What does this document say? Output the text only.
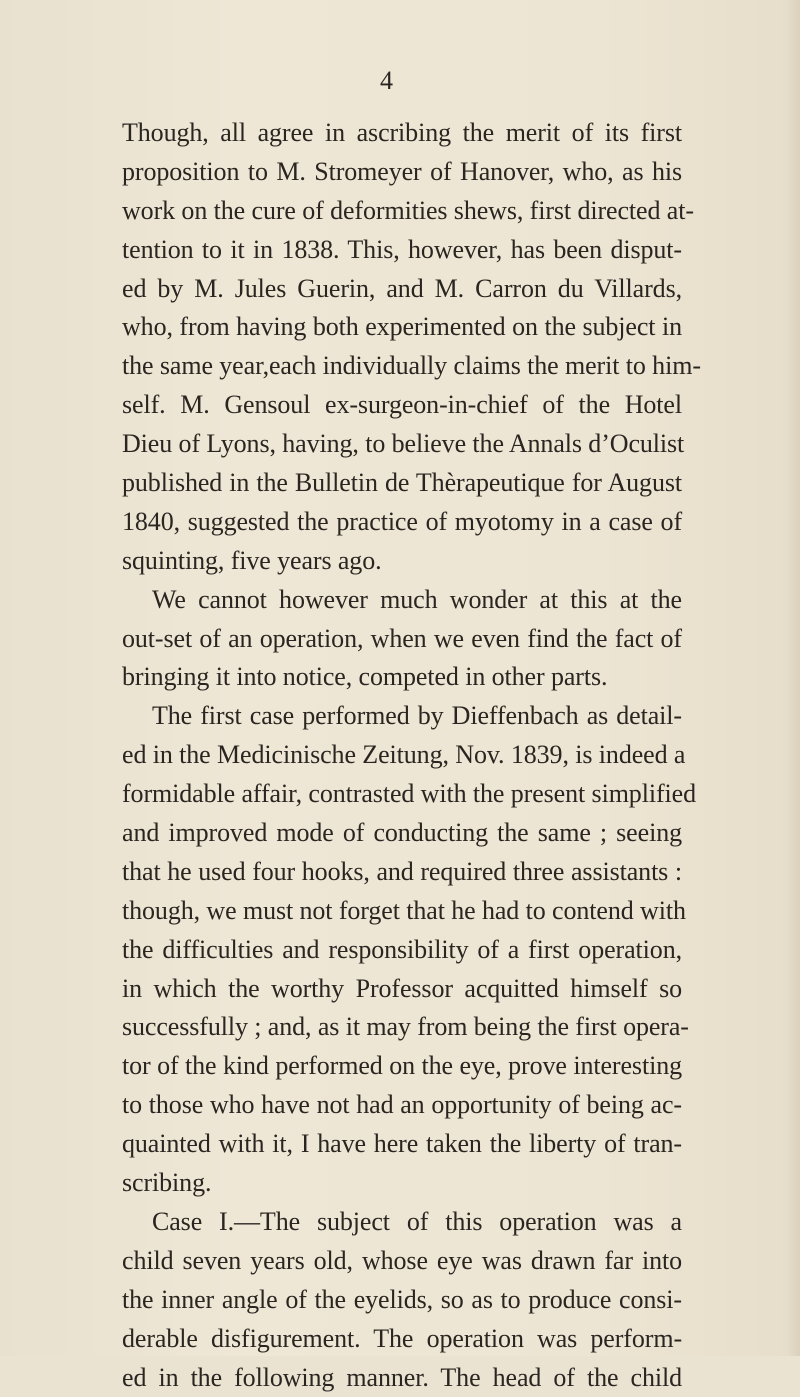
4
Though, all agree in ascribing the merit of its first
proposition to M. Stromeyer of Hanover, who, as his
work on the cure of deformities shews, first directed at-
tention to it in 1838. This, however, has been disput-
ed by M. Jules Guerin, and M. Carron du Villards,
who, from having both experimented on the subject in
the same year,each individually claims the merit to him-
self. M. Gensoul ex-surgeon-in-chief of the Hotel
Dieu of Lyons, having, to believe the Annals d’Oculist
published in the Bulletin de Thèrapeutique for August
1840, suggested the practice of myotomy in a case of
squinting, five years ago.
We cannot however much wonder at this at the
out-set of an operation, when we even find the fact of
bringing it into notice, competed in other parts.
The first case performed by Dieffenbach as detail-
ed in the Medicinische Zeitung, Nov. 1839, is indeed a
formidable affair, contrasted with the present simplified
and improved mode of conducting the same ; seeing
that he used four hooks, and required three assistants :
though, we must not forget that he had to contend with
the difficulties and responsibility of a first operation,
in which the worthy Professor acquitted himself so
successfully ; and, as it may from being the first opera-
tor of the kind performed on the eye, prove interesting
to those who have not had an opportunity of being ac-
quainted with it, I have here taken the liberty of tran-
scribing.
Case I.—The subject of this operation was a
child seven years old, whose eye was drawn far into
the inner angle of the eyelids, so as to produce consi-
derable disfigurement. The operation was perform-
ed in the following manner. The head of the child
